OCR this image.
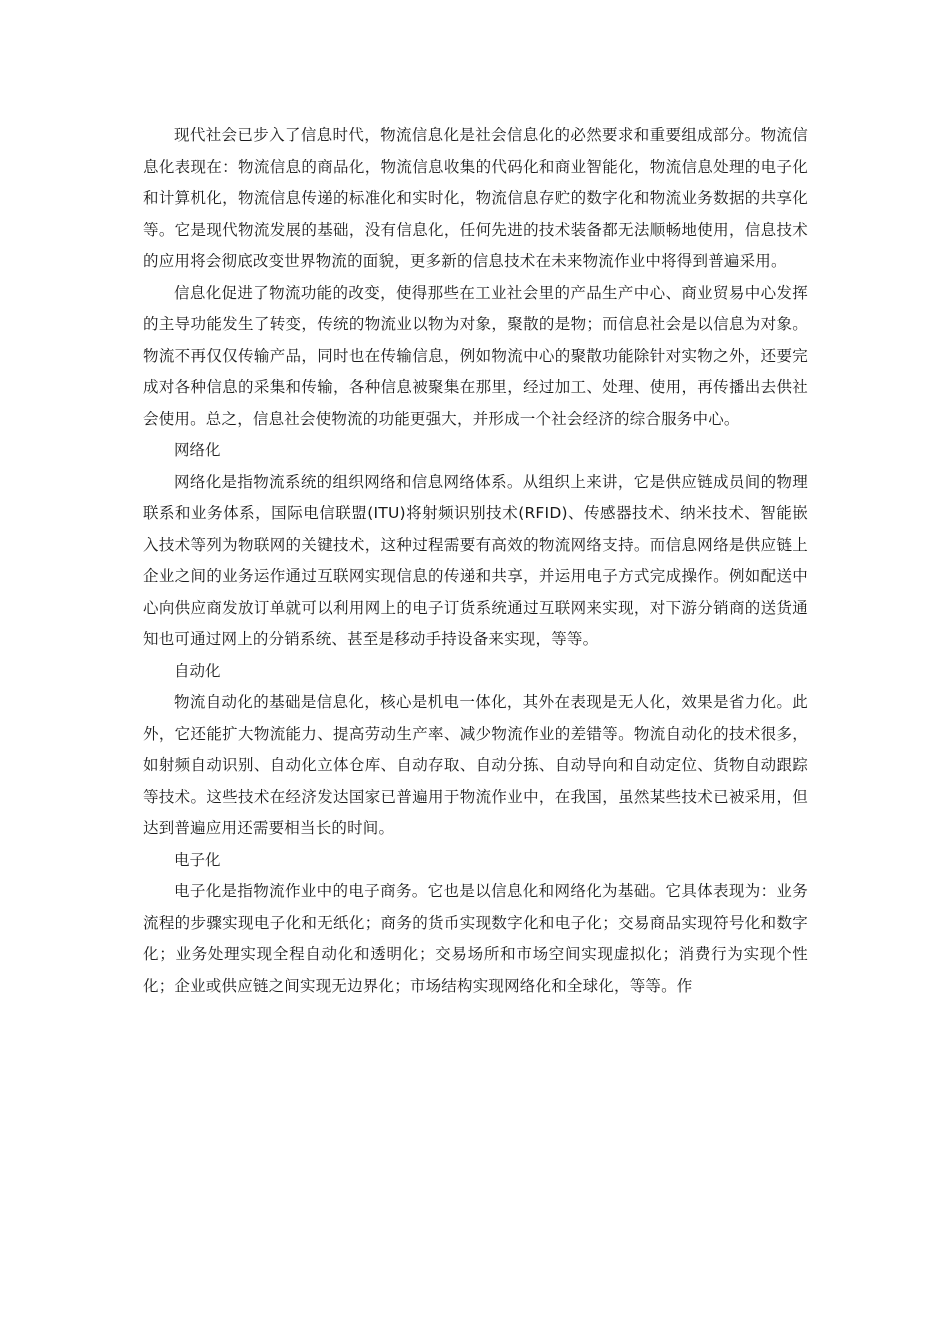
现代社会已步入了信息时代，物流信息化是社会信息化的必然要求和重要组成部分。物流信息化表现在：物流信息的商品化，物流信息收集的代码化和商业智能化，物流信息处理的电子化和计算机化，物流信息传递的标准化和实时化，物流信息存贮的数字化和物流业务数据的共享化等。它是现代物流发展的基础，没有信息化，任何先进的技术装备都无法顺畅地使用，信息技术的应用将会彻底改变世界物流的面貌，更多新的信息技术在未来物流作业中将得到普遍采用。

信息化促进了物流功能的改变，使得那些在工业社会里的产品生产中心、商业贸易中心发挥的主导功能发生了转变，传统的物流业以物为对象，聚散的是物；而信息社会是以信息为对象。物流不再仅仅传输产品，同时也在传输信息，例如物流中心的聚散功能除针对实物之外，还要完成对各种信息的采集和传输，各种信息被聚集在那里，经过加工、处理、使用，再传播出去供社会使用。总之，信息社会使物流的功能更强大，并形成一个社会经济的综合服务中心。

网络化

网络化是指物流系统的组织网络和信息网络体系。从组织上来讲，它是供应链成员间的物理联系和业务体系，国际电信联盟(ITU)将射频识别技术(RFID)、传感器技术、纳米技术、智能嵌入技术等列为物联网的关键技术，这种过程需要有高效的物流网络支持。而信息网络是供应链上企业之间的业务运作通过互联网实现信息的传递和共享，并运用电子方式完成操作。例如配送中心向供应商发放订单就可以利用网上的电子订货系统通过互联网来实现，对下游分销商的送货通知也可通过网上的分销系统、甚至是移动手持设备来实现，等等。

自动化

物流自动化的基础是信息化，核心是机电一体化，其外在表现是无人化，效果是省力化。此外，它还能扩大物流能力、提高劳动生产率、减少物流作业的差错等。物流自动化的技术很多，如射频自动识别、自动化立体仓库、自动存取、自动分拣、自动导向和自动定位、货物自动跟踪等技术。这些技术在经济发达国家已普遍用于物流作业中，在我国，虽然某些技术已被采用，但达到普遍应用还需要相当长的时间。

电子化

电子化是指物流作业中的电子商务。它也是以信息化和网络化为基础。它具体表现为：业务流程的步骤实现电子化和无纸化；商务的货币实现数字化和电子化；交易商品实现符号化和数字化；业务处理实现全程自动化和透明化；交易场所和市场空间实现虚拟化；消费行为实现个性化；企业或供应链之间实现无边界化；市场结构实现网络化和全球化，等等。作
